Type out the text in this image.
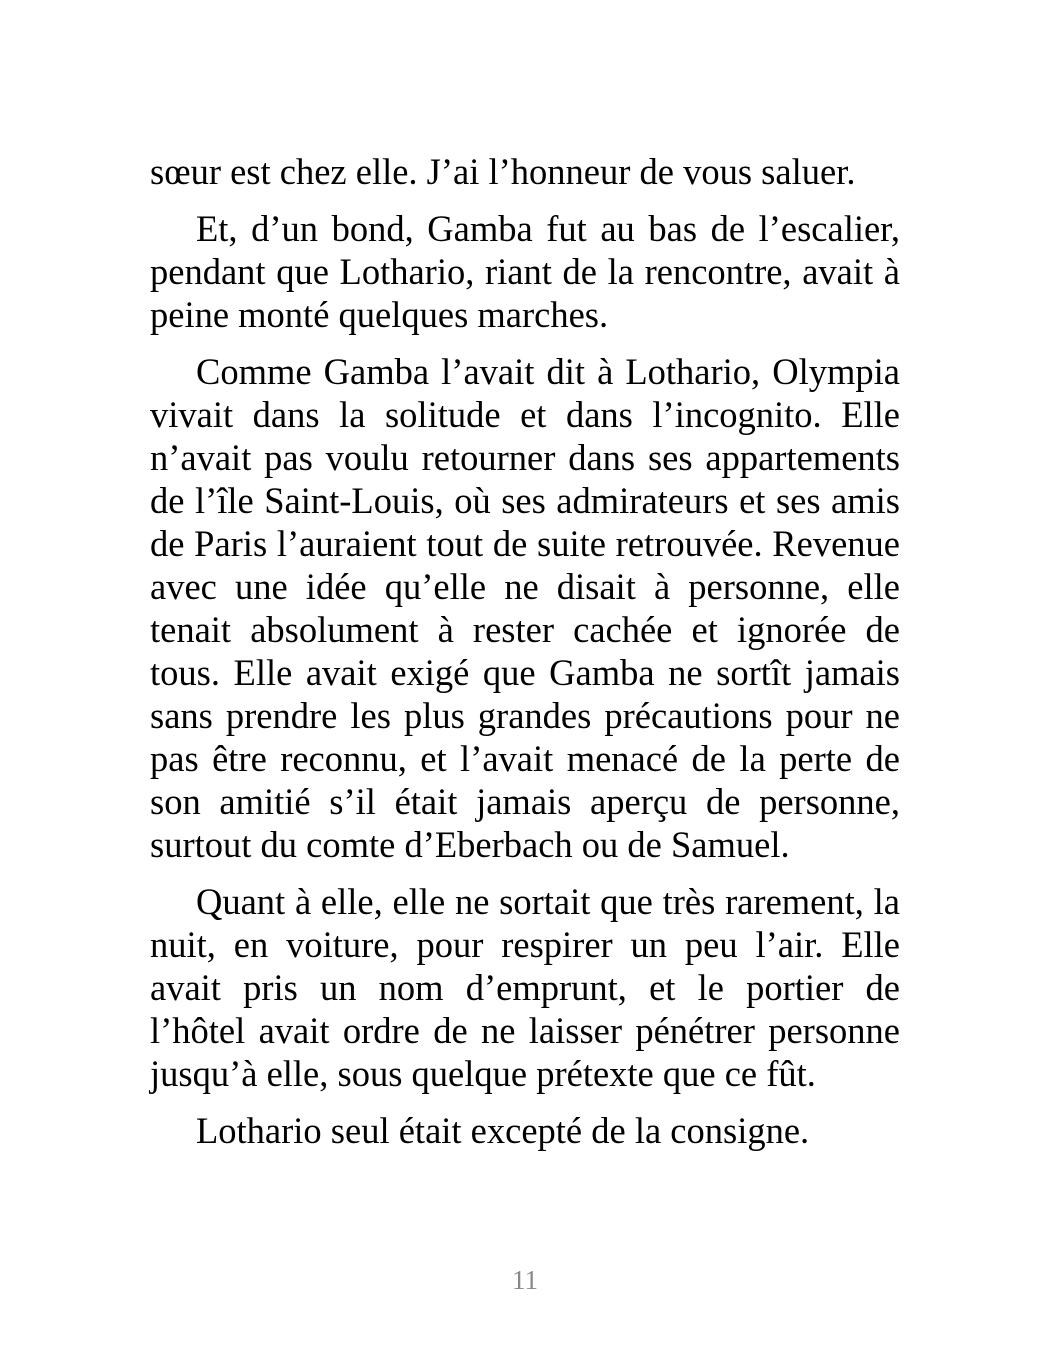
sœur est chez elle. J’ai l’honneur de vous saluer.

Et, d’un bond, Gamba fut au bas de l’escalier, pendant que Lothario, riant de la rencontre, avait à peine monté quelques marches.

Comme Gamba l’avait dit à Lothario, Olympia vivait dans la solitude et dans l’incognito. Elle n’avait pas voulu retourner dans ses appartements de l’île Saint-Louis, où ses admirateurs et ses amis de Paris l’auraient tout de suite retrouvée. Revenue avec une idée qu’elle ne disait à personne, elle tenait absolument à rester cachée et ignorée de tous. Elle avait exigé que Gamba ne sortît jamais sans prendre les plus grandes précautions pour ne pas être reconnu, et l’avait menacé de la perte de son amitié s’il était jamais aperçu de personne, surtout du comte d’Eberbach ou de Samuel.

Quant à elle, elle ne sortait que très rarement, la nuit, en voiture, pour respirer un peu l’air. Elle avait pris un nom d’emprunt, et le portier de l’hôtel avait ordre de ne laisser pénétrer personne jusqu’à elle, sous quelque prétexte que ce fût.

Lothario seul était excepté de la consigne.

11
